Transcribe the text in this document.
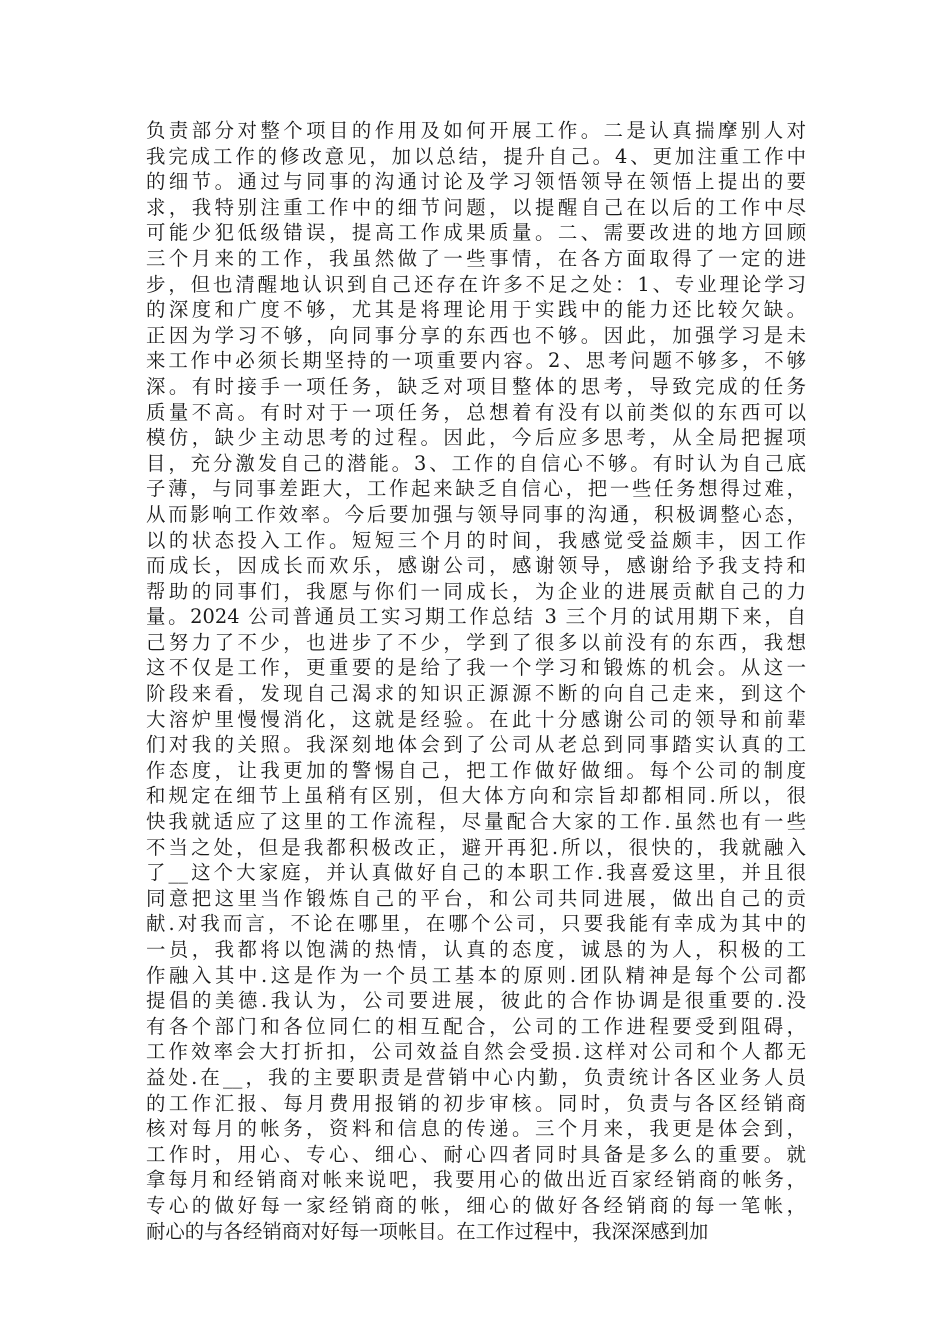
负责部分对整个项目的作用及如何开展工作。二是认真揣摩别人对
我完成工作的修改意见，加以总结，提升自己。4、更加注重工作中
的细节。通过与同事的沟通讨论及学习领悟领导在领悟上提出的要
求，我特别注重工作中的细节问题，以提醒自己在以后的工作中尽
可能少犯低级错误，提高工作成果质量。二、需要改进的地方回顾
三个月来的工作，我虽然做了一些事情，在各方面取得了一定的进
步，但也清醒地认识到自己还存在许多不足之处：1、专业理论学习
的深度和广度不够，尤其是将理论用于实践中的能力还比较欠缺。
正因为学习不够，向同事分享的东西也不够。因此，加强学习是未
来工作中必须长期坚持的一项重要内容。2、思考问题不够多，不够
深。有时接手一项任务，缺乏对项目整体的思考，导致完成的任务
质量不高。有时对于一项任务，总想着有没有以前类似的东西可以
模仿，缺少主动思考的过程。因此，今后应多思考，从全局把握项
目，充分激发自己的潜能。3、工作的自信心不够。有时认为自己底
子薄，与同事差距大，工作起来缺乏自信心，把一些任务想得过难，
从而影响工作效率。今后要加强与领导同事的沟通，积极调整心态，
以的状态投入工作。短短三个月的时间，我感觉受益颇丰，因工作
而成长，因成长而欢乐，感谢公司，感谢领导，感谢给予我支持和
帮助的同事们，我愿与你们一同成长，为企业的进展贡献自己的力
量。2024 公司普通员工实习期工作总结 3 三个月的试用期下来，自
己努力了不少，也进步了不少，学到了很多以前没有的东西，我想
这不仅是工作，更重要的是给了我一个学习和锻炼的机会。从这一
阶段来看，发现自己渴求的知识正源源不断的向自己走来，到这个
大溶炉里慢慢消化，这就是经验。在此十分感谢公司的领导和前辈
们对我的关照。我深刻地体会到了公司从老总到同事踏实认真的工
作态度，让我更加的警惕自己，把工作做好做细。每个公司的制度
和规定在细节上虽稍有区别，但大体方向和宗旨却都相同.所以，很
快我就适应了这里的工作流程，尽量配合大家的工作.虽然也有一些
不当之处，但是我都积极改正，避开再犯.所以，很快的，我就融入
了__这个大家庭，并认真做好自己的本职工作.我喜爱这里，并且很
同意把这里当作锻炼自己的平台，和公司共同进展，做出自己的贡
献.对我而言，不论在哪里，在哪个公司，只要我能有幸成为其中的
一员，我都将以饱满的热情，认真的态度，诚恳的为人，积极的工
作融入其中.这是作为一个员工基本的原则.团队精神是每个公司都
提倡的美德.我认为，公司要进展，彼此的合作协调是很重要的.没
有各个部门和各位同仁的相互配合，公司的工作进程要受到阻碍，
工作效率会大打折扣，公司效益自然会受损.这样对公司和个人都无
益处.在__，我的主要职责是营销中心内勤，负责统计各区业务人员
的工作汇报、每月费用报销的初步审核。同时，负责与各区经销商
核对每月的帐务，资料和信息的传递。三个月来，我更是体会到，
工作时，用心、专心、细心、耐心四者同时具备是多么的重要。就
拿每月和经销商对帐来说吧，我要用心的做出近百家经销商的帐务，
专心的做好每一家经销商的帐，细心的做好各经销商的每一笔帐，
耐心的与各经销商对好每一项帐目。在工作过程中，我深深感到加
